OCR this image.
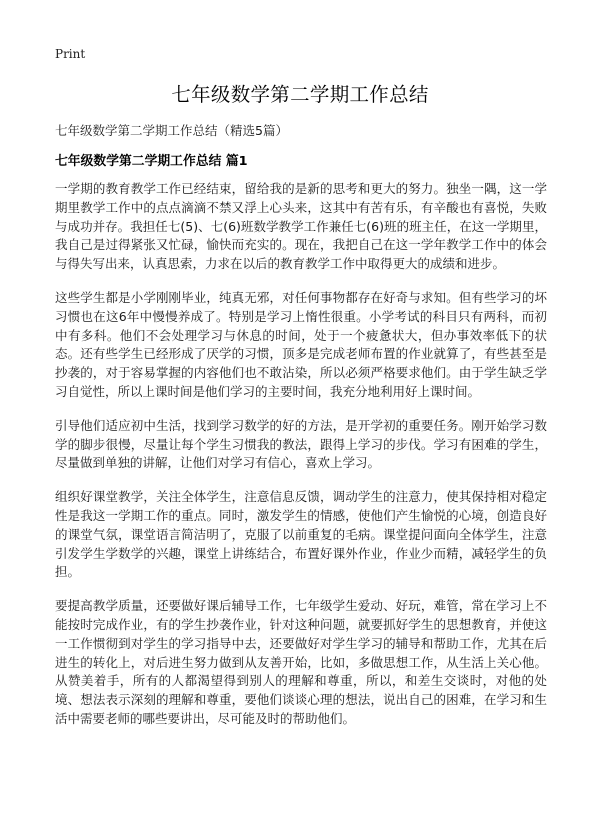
Print
七年级数学第二学期工作总结

七年级数学第二学期工作总结（精选5篇）

七年级数学第二学期工作总结 篇1

一学期的教育教学工作已经结束，留给我的是新的思考和更大的努力。独坐一隅，这一学期里教学工作中的点点滴滴不禁又浮上心头来，这其中有苦有乐，有辛酸也有喜悦，失败与成功并存。我担任七(5)、七(6)班数学教学工作兼任七(6)班的班主任，在这一学期里，我自己是过得紧张又忙碌，愉快而充实的。现在，我把自己在这一学年教学工作中的体会与得失写出来，认真思索，力求在以后的教育教学工作中取得更大的成绩和进步。

这些学生都是小学刚刚毕业，纯真无邪，对任何事物都存在好奇与求知。但有些学习的坏习惯也在这6年中慢慢养成了。特别是学习上惰性很重。小学考试的科目只有两科，而初中有多科。他们不会处理学习与休息的时间，处于一个疲惫状大，但办事效率低下的状态。还有些学生已经形成了厌学的习惯，顶多是完成老师布置的作业就算了，有些甚至是抄袭的，对于容易掌握的内容他们也不敢沾染，所以必须严格要求他们。由于学生缺乏学习自觉性，所以上课时间是他们学习的主要时间，我充分地利用好上课时间。

引导他们适应初中生活，找到学习数学的好的方法，是开学初的重要任务。刚开始学习数学的脚步很慢，尽量让每个学生习惯我的教法，跟得上学习的步伐。学习有困难的学生，尽量做到单独的讲解，让他们对学习有信心，喜欢上学习。

组织好课堂教学，关注全体学生，注意信息反馈，调动学生的注意力，使其保持相对稳定性是我这一学期工作的重点。同时，激发学生的情感，使他们产生愉悦的心境，创造良好的课堂气氛，课堂语言简洁明了，克服了以前重复的毛病。课堂提问面向全体学生，注意引发学生学数学的兴趣，课堂上讲练结合，布置好课外作业，作业少而精，减轻学生的负担。

要提高教学质量，还要做好课后辅导工作，七年级学生爱动、好玩，难管，常在学习上不能按时完成作业，有的学生抄袭作业，针对这种问题，就要抓好学生的思想教育，并使这一工作惯彻到对学生的学习指导中去，还要做好对学生学习的辅导和帮助工作，尤其在后进生的转化上，对后进生努力做到从友善开始，比如，多做思想工作，从生活上关心他。从赞美着手，所有的人都渴望得到别人的理解和尊重，所以，和差生交谈时，对他的处境、想法表示深刻的理解和尊重，要他们谈谈心理的想法，说出自己的困难，在学习和生活中需要老师的哪些要讲出，尽可能及时的帮助他们。
